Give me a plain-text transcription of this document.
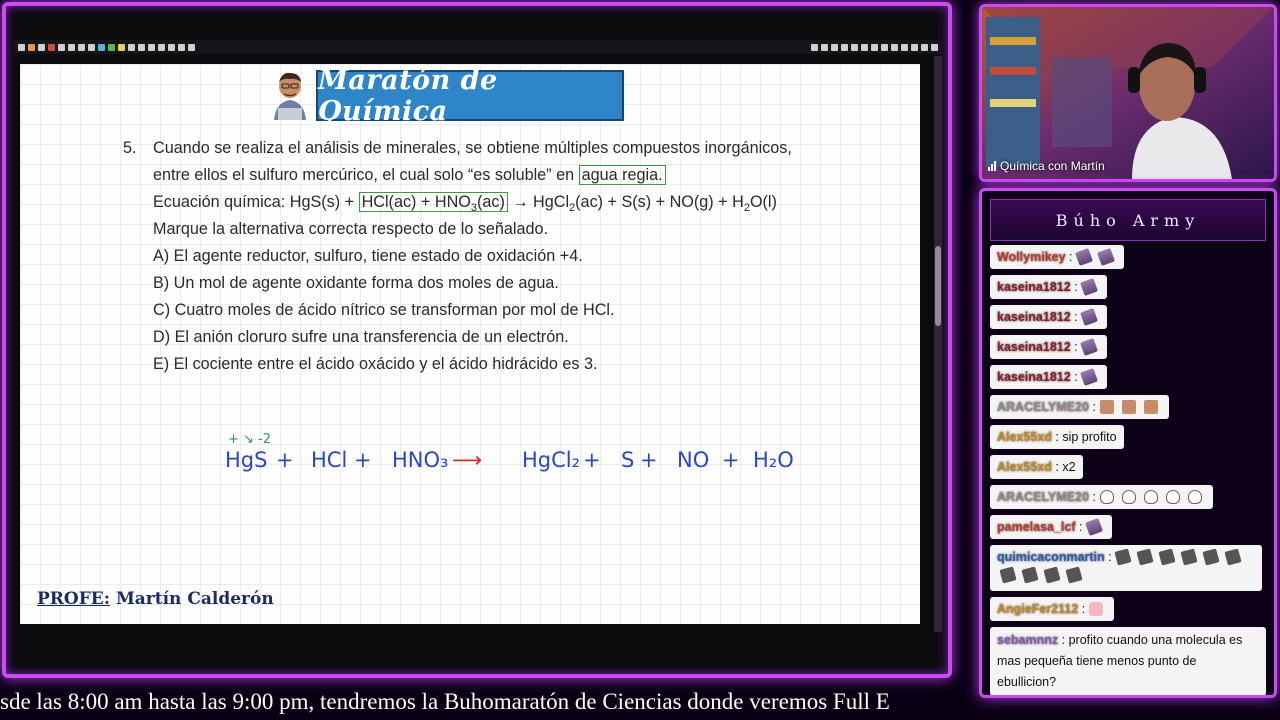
Maratón de Química
5. Cuando se realiza el análisis de minerales, se obtiene múltiples compuestos inorgánicos,
entre ellos el sulfuro mercúrico, el cual solo “es soluble” en agua regia.
Ecuación química: $HgS(s) + HCl(ac) + HNO_3(ac)$ → HgCl$_2$(ac) + $S(s) + NO(g) + H_2O(l)$
Marque la alternativa correcta respecto de lo señalado.
A) El agente reductor, sulfuro, tiene estado de oxidación +4.
B) Un mol de agente oxidante forma dos moles de agua.
C) Cuatro moles de ácido nítrico se transforman por mol de HCl.
D) El anión cloruro sufre una transferencia de un electrón.
E) El cociente entre el ácido oxácido y el ácido hidrácido es 3.
+ ↘ -2
HgS + HCl + HNO₃ ⟶ HgCl₂ + S + NO + H₂O
PROFE: Martín Calderón
sde las 8:00 am hasta las 9:00 pm, tendremos la Buhomaratón de Ciencias donde veremos Full E
Química con Martín
Búho Army
Wollymikey :
kaseina1812 :
kaseina1812 :
kaseina1812 :
kaseina1812 :
ARACELYME20 :
Alex55xd : sip profito
Alex55xd : x2
ARACELYME20 :
pamelasa_lcf :
quimicaconmartin :
AngieFer2112 :
sebamnnz : profito cuando una molecula es
mas pequeña tiene menos punto de
ebullicion?
